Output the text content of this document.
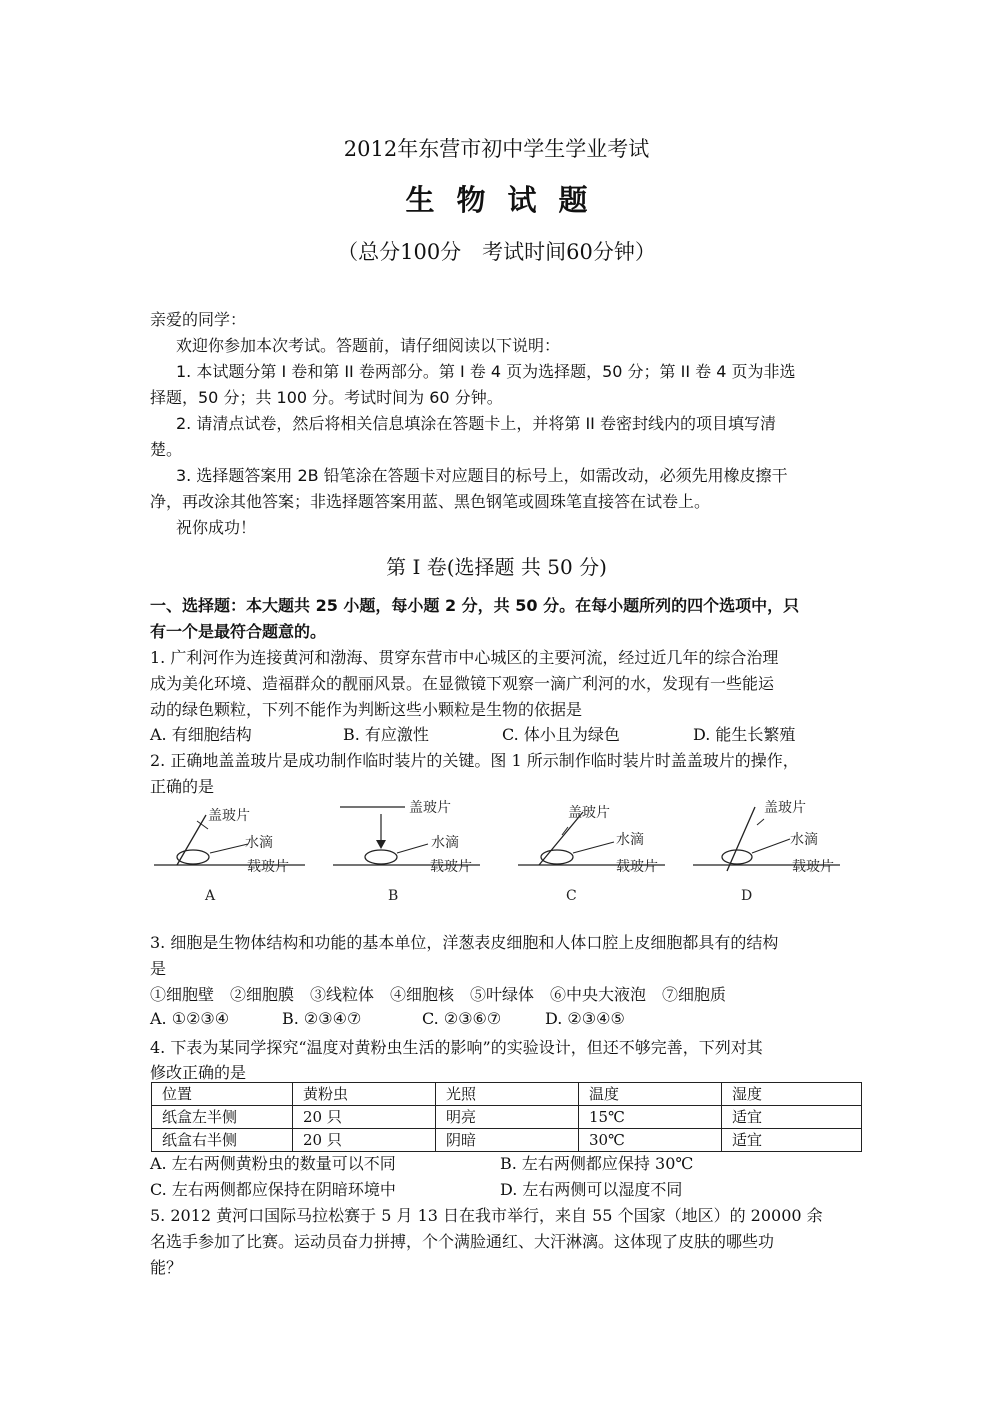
2012年东营市初中学生学业考试
生物试题
（总分100分　考试时间60分钟）
亲爱的同学：
欢迎你参加本次考试。答题前，请仔细阅读以下说明：
1. 本试题分第 I 卷和第 II 卷两部分。第 I 卷 4 页为选择题，50 分；第 II 卷 4 页为非选
择题，50 分；共 100 分。考试时间为 60 分钟。
2. 请清点试卷，然后将相关信息填涂在答题卡上，并将第 II 卷密封线内的项目填写清
楚。
3. 选择题答案用 2B 铅笔涂在答题卡对应题目的标号上，如需改动，必须先用橡皮擦干
净，再改涂其他答案；非选择题答案用蓝、黑色钢笔或圆珠笔直接答在试卷上。
祝你成功！
第 I 卷(选择题 共 50 分)
一、选择题：本大题共 25 小题，每小题 2 分，共 50 分。在每小题所列的四个选项中，只
有一个是最符合题意的。
1. 广利河作为连接黄河和渤海、贯穿东营市中心城区的主要河流，经过近几年的综合治理
成为美化环境、造福群众的靓丽风景。在显微镜下观察一滴广利河的水，发现有一些能运
动的绿色颗粒，下列不能作为判断这些小颗粒是生物的依据是
A. 有细胞结构	B. 有应激性	C. 体小且为绿色	D. 能生长繁殖
2. 正确地盖盖玻片是成功制作临时装片的关键。图 1 所示制作临时装片时盖盖玻片的操作，
正确的是
盖玻片
水滴
载玻片
A
盖玻片
水滴
载玻片
B
盖玻片
水滴
载玻片
C
盖玻片
水滴
载玻片
D
3. 细胞是生物体结构和功能的基本单位，洋葱表皮细胞和人体口腔上皮细胞都具有的结构
是
①细胞壁　②细胞膜　③线粒体　④细胞核　⑤叶绿体　⑥中央大液泡　⑦细胞质
A. ①②③④	B. ②③④⑦	C. ②③⑥⑦	D. ②③④⑤
4. 下表为某同学探究“温度对黄粉虫生活的影响”的实验设计，但还不够完善，下列对其
修改正确的是
位置	黄粉虫	光照	温度	湿度
纸盒左半侧	20 只	明亮	15℃	适宜
纸盒右半侧	20 只	阴暗	30℃	适宜
A. 左右两侧黄粉虫的数量可以不同	B. 左右两侧都应保持 30℃
C. 左右两侧都应保持在阴暗环境中	D. 左右两侧可以湿度不同
5. 2012 黄河口国际马拉松赛于 5 月 13 日在我市举行，来自 55 个国家（地区）的 20000 余
名选手参加了比赛。运动员奋力拼搏，个个满脸通红、大汗淋漓。这体现了皮肤的哪些功
能？
